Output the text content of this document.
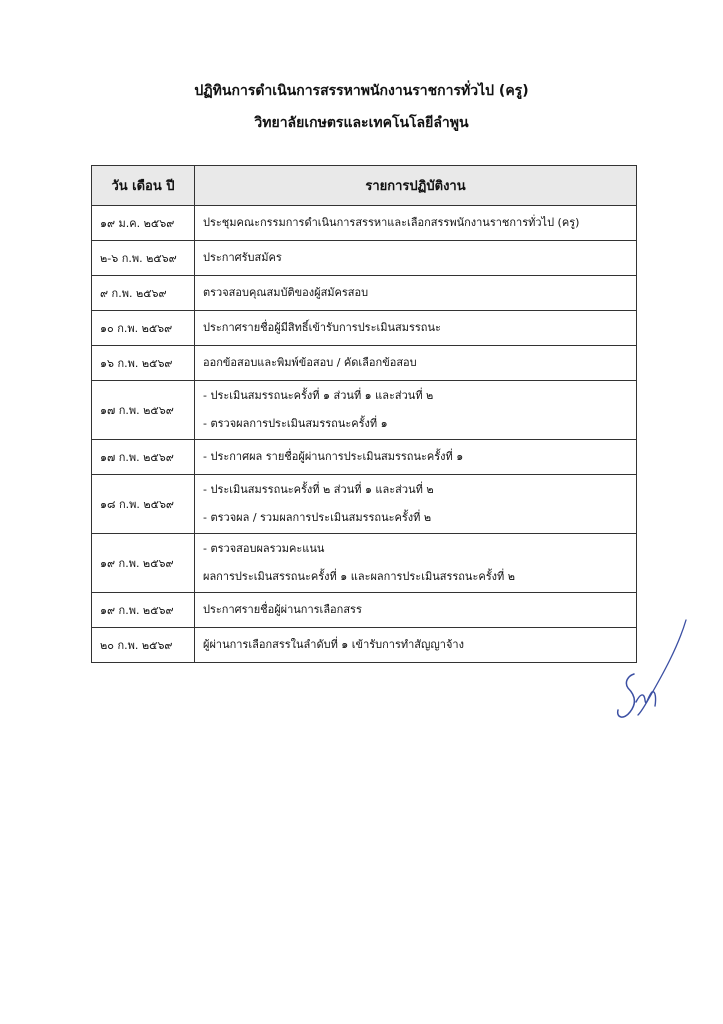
ปฏิทินการดำเนินการสรรหาพนักงานราชการทั่วไป (ครู)
วิทยาลัยเกษตรและเทคโนโลยีลำพูน
วัน เดือน ปี	รายการปฏิบัติงาน
๑๙ ม.ค. ๒๕๖๙	ประชุมคณะกรรมการดำเนินการสรรหาและเลือกสรรพนักงานราชการทั่วไป (ครู)

๒-๖ ก.พ. ๒๕๖๙	ประกาศรับสมัคร

๙ ก.พ. ๒๕๖๙	ตรวจสอบคุณสมบัติของผู้สมัครสอบ

๑๐ ก.พ. ๒๕๖๙	ประกาศรายชื่อผู้มีสิทธิ์เข้ารับการประเมินสมรรถนะ

๑๖ ก.พ. ๒๕๖๙	ออกข้อสอบและพิมพ์ข้อสอบ / คัดเลือกข้อสอบ

๑๗ ก.พ. ๒๕๖๙	- ประเมินสมรรถนะครั้งที่ ๑ ส่วนที่ ๑ และส่วนที่ ๒
- ตรวจผลการประเมินสมรรถนะครั้งที่ ๑

๑๗ ก.พ. ๒๕๖๙	- ประกาศผล รายชื่อผู้ผ่านการประเมินสมรรถนะครั้งที่ ๑

๑๘ ก.พ. ๒๕๖๙	- ประเมินสมรรถนะครั้งที่ ๒ ส่วนที่ ๑ และส่วนที่ ๒
- ตรวจผล / รวมผลการประเมินสมรรถนะครั้งที่ ๒

๑๙ ก.พ. ๒๕๖๙	- ตรวจสอบผลรวมคะแนน
ผลการประเมินสรรถนะครั้งที่ ๑ และผลการประเมินสรรถนะครั้งที่ ๒

๑๙ ก.พ. ๒๕๖๙	ประกาศรายชื่อผู้ผ่านการเลือกสรร

๒๐ ก.พ. ๒๕๖๙	ผู้ผ่านการเลือกสรรในลำดับที่ ๑ เข้ารับการทำสัญญาจ้าง
